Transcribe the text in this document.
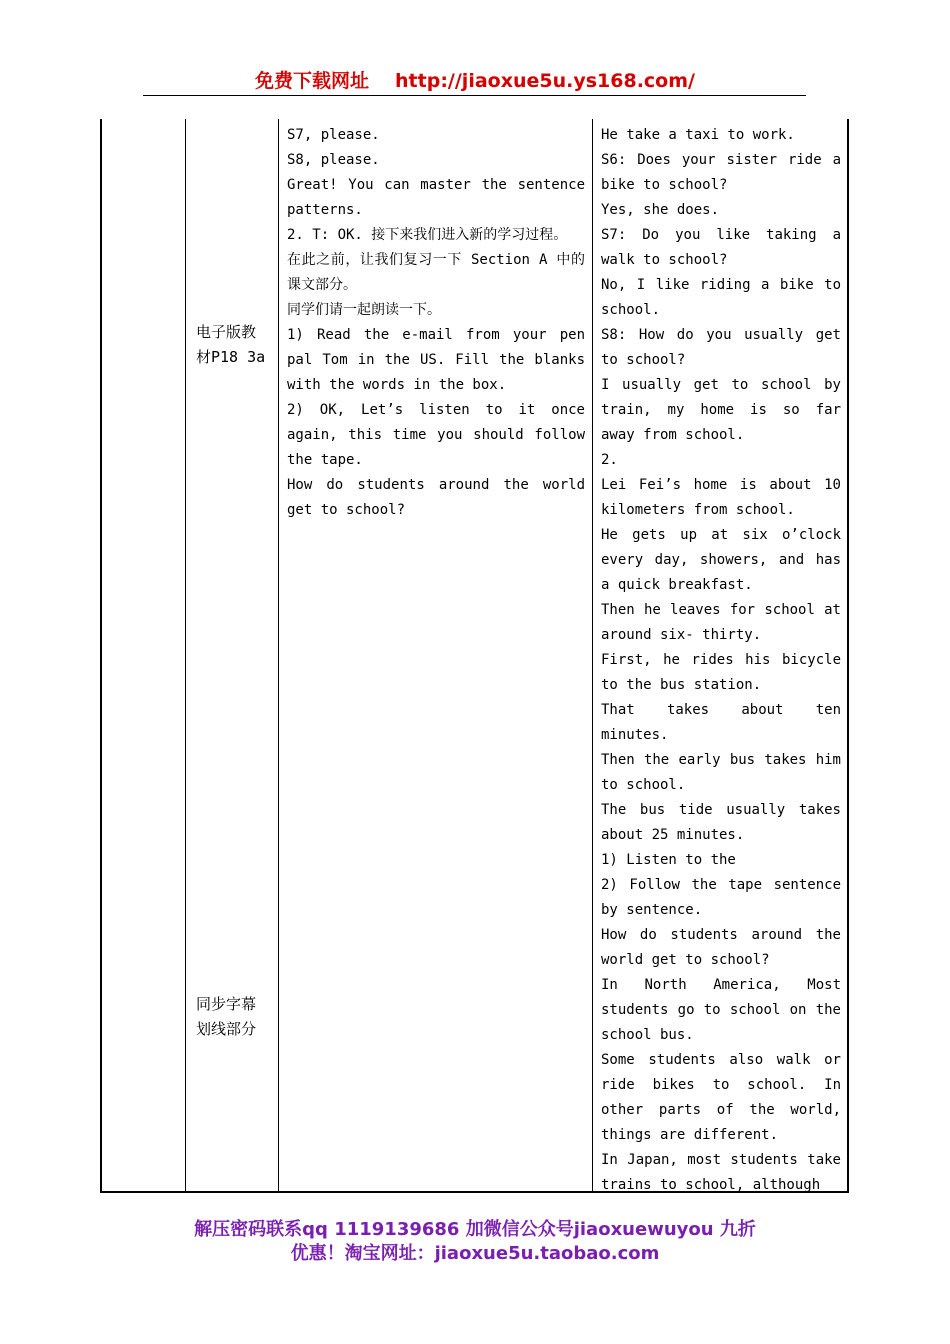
免费下载网址 http://jiaoxue5u.ys168.com/

电子版教

材P18 3a

同步字幕

划线部分

S7, please.

S8, please.

Great! You can master the sentence patterns.

2. T: OK. 接下来我们进入新的学习过程。

在此之前，让我们复习一下 Section A 中的课文部分。

同学们请一起朗读一下。

1) Read the e-mail from your pen pal Tom in the US. Fill the blanks with the words in the box.

2) OK, Let’s listen to it once again, this time you should follow the tape.

How do students around the world get to school?

He take a taxi to work.

S6: Does your sister ride a bike to school?

Yes, she does.

S7: Do you like taking a walk to school?

No, I like riding a bike to school.

S8: How do you usually get to school?

I usually get to school by train, my home is so far away from school.

2.

Lei Fei’s home is about 10 kilometers from school.

He gets up at six o’clock every day, showers, and has a quick breakfast.

Then he leaves for school at around six- thirty.

First, he rides his bicycle to the bus station.

That takes about ten minutes.

Then the early bus takes him to school.

The bus tide usually takes about 25 minutes.

1) Listen to the

2) Follow the tape sentence by sentence.

How do students around the world get to school?

In North America, Most students go to school on the school bus.

Some students also walk or ride bikes to school. In other parts of the world, things are different.

In Japan, most students take trains to school, although

解压密码联系qq 1119139686 加微信公众号jiaoxuewuyou 九折
优惠！淘宝网址：jiaoxue5u.taobao.com
